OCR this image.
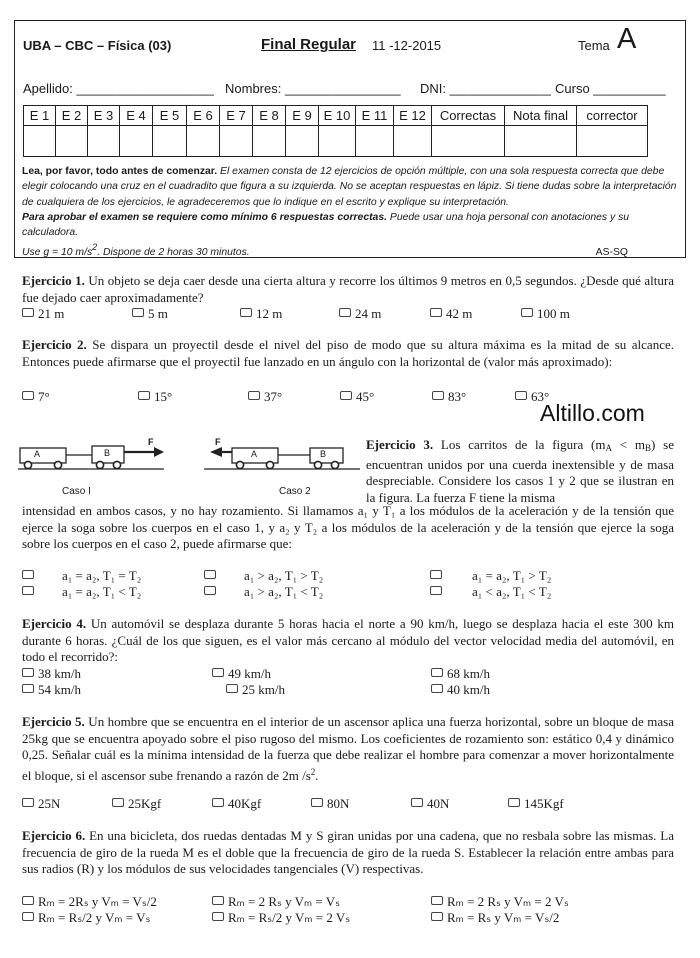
UBA – CBC – Física (03)	Final Regular 11 -12-2015	Tema A
Apellido: ___________________ Nombres: ________________ DNI: ______________ Curso __________
E 1	E 2	E 3	E 4	E 5	E 6	E 7	E 8	E 9	E 10	E 11	E 12	Correctas	Nota final	corrector

Lea, por favor, todo antes de comenzar. El examen consta de 12 ejercicios de opción múltiple, con una sola respuesta correcta que debe elegir colocando una cruz en el cuadradito que figura a su izquierda. No se aceptan respuestas en lápiz. Si tiene dudas sobre la interpretación de cualquiera de los ejercicios, le agradeceremos que lo indique en el escrito y explique su interpretación.
Para aprobar el examen se requiere como mínimo 6 respuestas correctas. Puede usar una hoja personal con anotaciones y su calculadora.
Use g = 10 m/s2. Dispone de 2 horas 30 minutos.	AS-SQ
Ejercicio 1. Un objeto se deja caer desde una cierta altura y recorre los últimos 9 metros en 0,5 segundos. ¿Desde qué altura fue dejado caer aproximadamente?
21 m	5 m	12 m	24 m	42 m	100 m
Ejercicio 2. Se dispara un proyectil desde el nivel del piso de modo que su altura máxima es la mitad de su alcance. Entonces puede afirmarse que el proyectil fue lanzado en un ángulo con la horizontal de (valor más aproximado):
7°	15°	37°	45°	83°	63°
Altillo.com
A	B
F	F
A	B
Caso I	Caso 2
Ejercicio 3. Los carritos de la figura $(m_A < m_B)$ se encuentran unidos por una cuerda inextensible y de masa despreciable. Considere los casos 1 y 2 que se ilustran en la figura. La fuerza F tiene la misma
intensidad en ambos casos, y no hay rozamiento. Si llamamos a₁ y T₁ a los módulos de la aceleración y de la tensión que ejerce la soga sobre los cuerpos en el caso 1, y a₂ y T₂ a los módulos de la aceleración y de la tensión que ejerce la soga sobre los cuerpos en el caso 2, puede afirmarse que:
a₁ = a₂, T₁ = T₂	a₁ > a₂, T₁ > T₂	a₁ = a₂, T₁ > T₂
a₁ = a₂, T₁ < T₂	a₁ > a₂, T₁ < T₂	a₁ < a₂, T₁ < T₂
Ejercicio 4. Un automóvil se desplaza durante 5 horas hacia el norte a 90 km/h, luego se desplaza hacia el este 300 km durante 6 horas. ¿Cuál de los que siguen, es el valor más cercano al módulo del vector velocidad media del automóvil, en todo el recorrido?:
38 km/h	49 km/h	68 km/h
54 km/h	25 km/h	40 km/h
Ejercicio 5. Un hombre que se encuentra en el interior de un ascensor aplica una fuerza horizontal, sobre un bloque de masa 25kg que se encuentra apoyado sobre el piso rugoso del mismo. Los coeficientes de rozamiento son: estático 0,4 y dinámico 0,25. Señalar cuál es la mínima intensidad de la fuerza que debe realizar el hombre para comenzar a mover horizontalmente el bloque, si el ascensor sube frenando a razón de 2m $/s^2$.
25N	25Kgf	40Kgf	80N	40N	145Kgf
Ejercicio 6. En una bicicleta, dos ruedas dentadas M y S giran unidas por una cadena, que no resbala sobre las mismas. La frecuencia de giro de la rueda M es el doble que la frecuencia de giro de la rueda S. Establecer la relación entre ambas para sus radios (R) y los módulos de sus velocidades tangenciales (V) respectivas.
Rₘ = 2Rₛ y Vₘ = Vₛ/2	Rₘ = 2 Rₛ y Vₘ = Vₛ	Rₘ = 2 Rₛ y Vₘ = 2 Vₛ
Rₘ = Rₛ/2 y Vₘ = Vₛ	Rₘ = Rₛ/2 y Vₘ = 2 Vₛ	Rₘ = Rₛ y Vₘ = Vₛ/2
